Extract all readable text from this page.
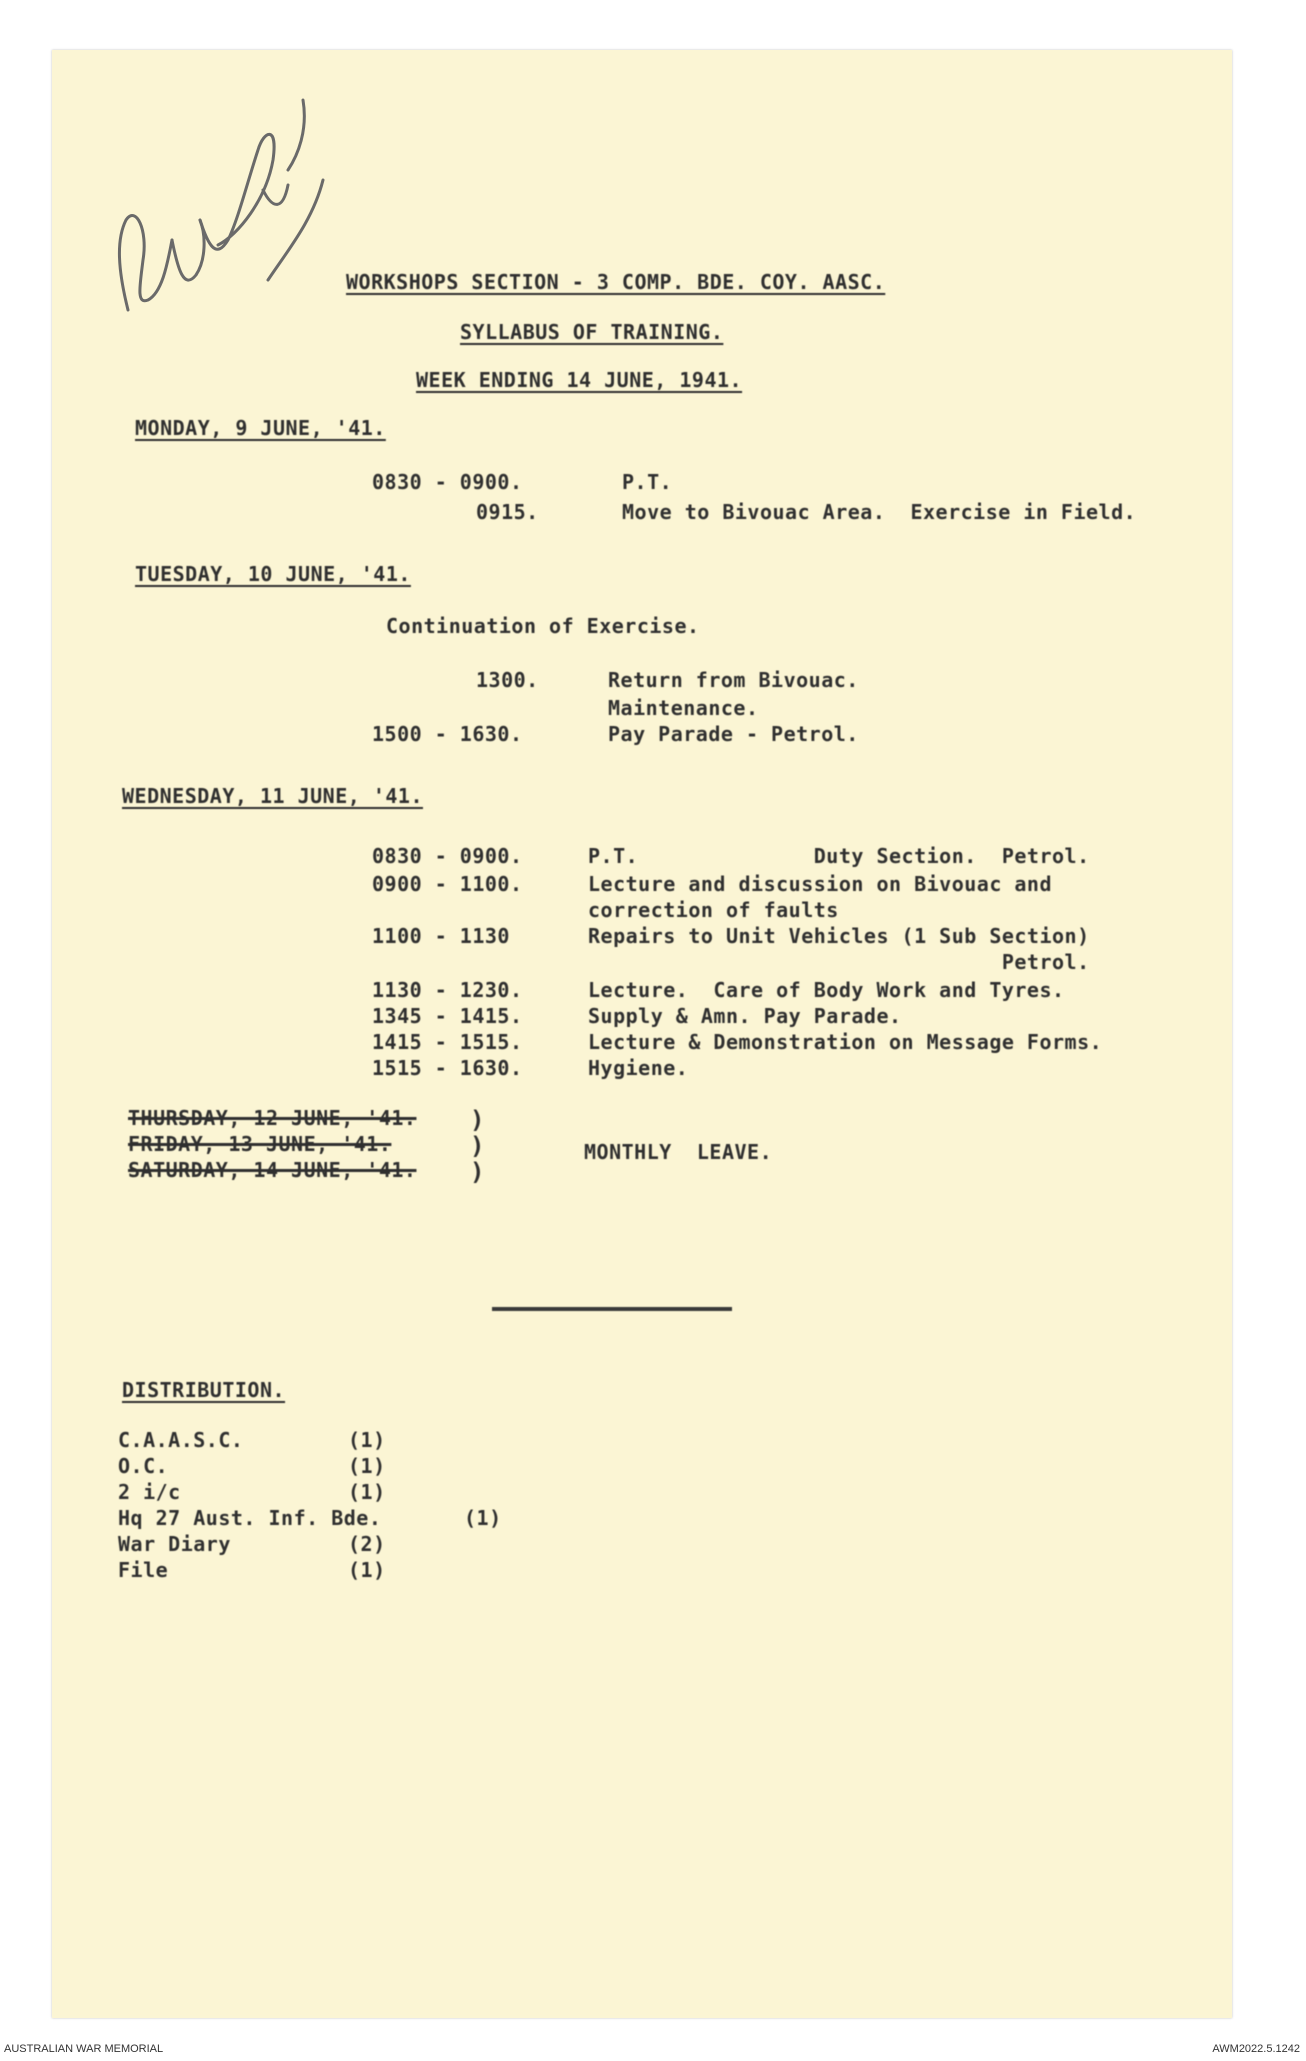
WORKSHOPS SECTION - 3 COMP. BDE. COY. AASC.
SYLLABUS OF TRAINING.
WEEK ENDING 14 JUNE, 1941.
MONDAY, 9 JUNE, '41.
0830 - 0900.	P.T.
0915.	Move to Bivouac Area.  Exercise in Field.
TUESDAY, 10 JUNE, '41.
Continuation of Exercise.
1300.	Return from Bivouac.
Maintenance.
1500 - 1630.	Pay Parade - Petrol.
WEDNESDAY, 11 JUNE, '41.
0830 - 0900.	P.T.              Duty Section.  Petrol.
0900 - 1100.	Lecture and discussion on Bivouac and
correction of faults
1100 - 1130	Repairs to Unit Vehicles (1 Sub Section)
Petrol.
1130 - 1230.	Lecture.  Care of Body Work and Tyres.
1345 - 1415.	Supply & Amn. Pay Parade.
1415 - 1515.	Lecture & Demonstration on Message Forms.
1515 - 1630.	Hygiene.
THURSDAY, 12 JUNE, '41.
FRIDAY, 13 JUNE, '41.
SATURDAY, 14 JUNE, '41.
)
)
)
MONTHLY  LEAVE.
DISTRIBUTION.
C.A.A.S.C.	(1)
O.C.	(1)
2 i/c	(1)
Hq 27 Aust. Inf. Bde.	(1)
War Diary	(2)
File	(1)
AUSTRALIAN WAR MEMORIAL	AWM2022.5.1242
